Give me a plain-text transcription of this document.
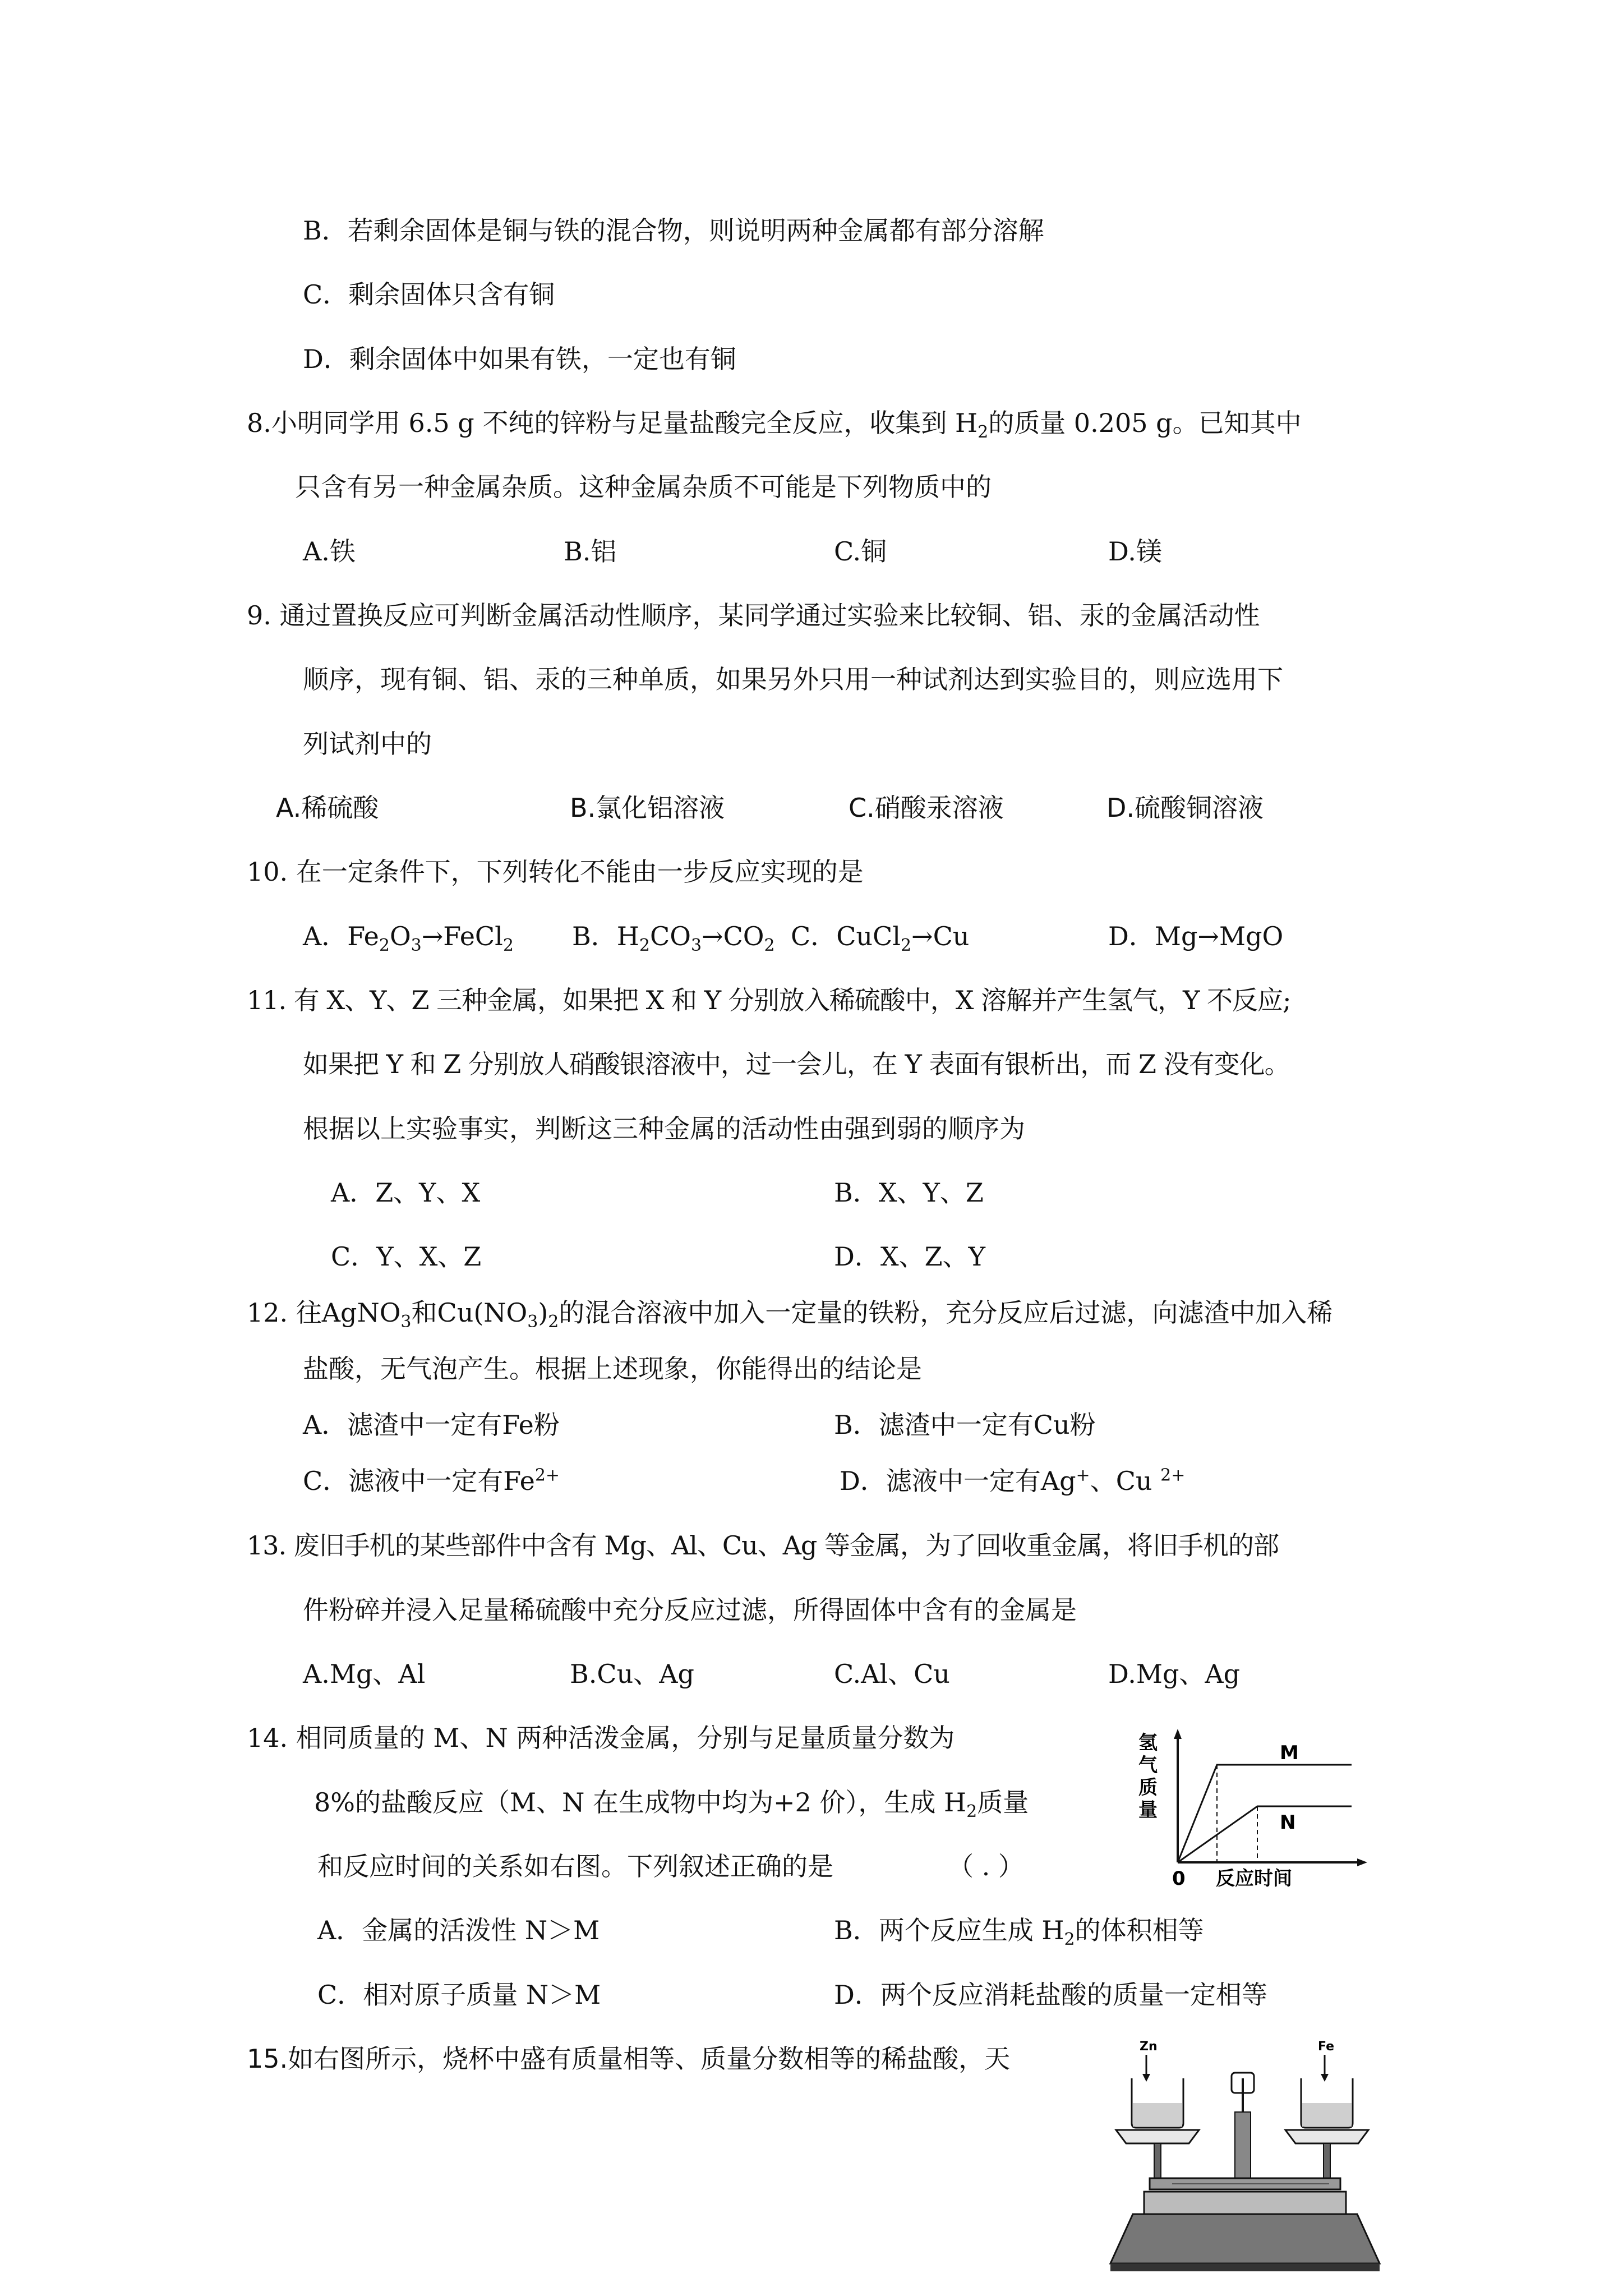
B．若剩余固体是铜与铁的混合物，则说明两种金属都有部分溶解
C．剩余固体只含有铜
D．剩余固体中如果有铁，一定也有铜
8.小明同学用 6.5 g 不纯的锌粉与足量盐酸完全反应，收集到 $H_2$的质量 0.205 g。已知其中
只含有另一种金属杂质。这种金属杂质不可能是下列物质中的
A.铁	B.铝	C.铜	D.镁
9. 通过置换反应可判断金属活动性顺序，某同学通过实验来比较铜、铝、汞的金属活动性
顺序，现有铜、铝、汞的三种单质，如果另外只用一种试剂达到实验目的，则应选用下
列试剂中的
A.稀硫酸	B.氯化铝溶液	C.硝酸汞溶液	D.硫酸铜溶液
10. 在一定条件下，下列转化不能由一步反应实现的是
A．$Fe_2O_3\to FeCl_2$ B．$H_2CO_3\to CO_2$ C．CuCl$_2$→Cu	D．Mg→MgO
11. 有 X、Y、Z 三种金属，如果把 X 和 Y 分别放入稀硫酸中，X 溶解并产生氢气，Y 不反应;
如果把 Y 和 Z 分别放人硝酸银溶液中，过一会儿，在 Y 表面有银析出，而 Z 没有变化。
根据以上实验事实，判断这三种金属的活动性由强到弱的顺序为
A．Z、Y、X	B．X、Y、Z
C．Y、X、Z	D．X、Z、Y
12. 往AgNO$_3$和$Cu(NO_3)_2$的混合溶液中加入一定量的铁粉，充分反应后过滤，向滤渣中加入稀
盐酸，无气泡产生。根据上述现象，你能得出的结论是
A．滤渣中一定有Fe粉	B．滤渣中一定有Cu粉
C．滤液中一定有$Fe^{2+}$	D．滤液中一定有Ag+、Cu $^{2+}$
13. 废旧手机的某些部件中含有 Mg、Al、Cu、Ag 等金属，为了回收重金属，将旧手机的部
件粉碎并浸入足量稀硫酸中充分反应过滤，所得固体中含有的金属是
A.Mg、Al	B.Cu、Ag	C.Al、Cu	D.Mg、Ag
14. 相同质量的 M、N 两种活泼金属，分别与足量质量分数为
8%的盐酸反应（M、N 在生成物中均为+2 价），生成 $H_2$质量
和反应时间的关系如右图。下列叙述正确的是	（ . ）
A．金属的活泼性 N＞M	B．两个反应生成 $H_2$的体积相等
C．相对原子质量 N＞M	D．两个反应消耗盐酸的质量一定相等
氢
气
质
量
M
N
0 反应时间
15.如右图所示，烧杯中盛有质量相等、质量分数相等的稀盐酸，天	Zn	Fe
